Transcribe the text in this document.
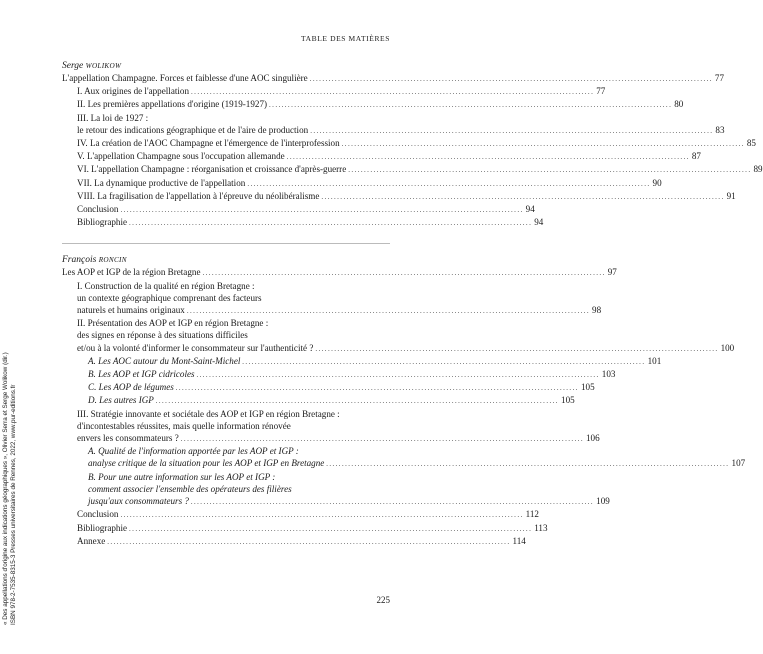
TABLE DES MATIÈRES
« Des appellations d'origine aux indications géographiques », Olivier Serra et Serge Wolikow (dir.) ISBN 978-2-7535-8315-3 Presses universitaires de Rennes, 2022, www.pur-editions.fr
Serge WOLIKOW
L'appellation Champagne. Forces et faiblesse d'une AOC singulière ................................................................................................................................ 77
I. Aux origines de l'appellation ................................................................................................................................ 77
II. Les premières appellations d'origine (1919-1927) ................................................................................................................................ 80
III. La loi de 1927 :
le retour des indications géographique et de l'aire de production ................................................................................................................................ 83
IV. La création de l'AOC Champagne et l'émergence de l'interprofession ................................................................................................................................ 85
V. L'appellation Champagne sous l'occupation allemande ................................................................................................................................ 87
VI. L'appellation Champagne : réorganisation et croissance d'après-guerre ................................................................................................................................ 89
VII. La dynamique productive de l'appellation ................................................................................................................................ 90
VIII. La fragilisation de l'appellation à l'épreuve du néolibéralisme ................................................................................................................................ 91
Conclusion ................................................................................................................................ 94
Bibliographie ................................................................................................................................ 94
François RONCIN
Les AOP et IGP de la région Bretagne ................................................................................................................................ 97
I. Construction de la qualité en région Bretagne :
un contexte géographique comprenant des facteurs
naturels et humains originaux ................................................................................................................................ 98
II. Présentation des AOP et IGP en région Bretagne :
des signes en réponse à des situations difficiles
et/ou à la volonté d'informer le consommateur sur l'authenticité ? ................................................................................................................................ 100
A. Les AOC autour du Mont-Saint-Michel ................................................................................................................................ 101
B. Les AOP et IGP cidricoles ................................................................................................................................ 103
C. Les AOP de légumes ................................................................................................................................ 105
D. Les autres IGP ................................................................................................................................ 105
III. Stratégie innovante et sociétale des AOP et IGP en région Bretagne :
d'incontestables réussites, mais quelle information rénovée
envers les consommateurs ? ................................................................................................................................ 106
A. Qualité de l'information apportée par les AOP et IGP :
analyse critique de la situation pour les AOP et IGP en Bretagne ................................................................................................................................ 107
B. Pour une autre information sur les AOP et IGP :
comment associer l'ensemble des opérateurs des filières
jusqu'aux consommateurs ? ................................................................................................................................ 109
Conclusion ................................................................................................................................ 112
Bibliographie ................................................................................................................................ 113
Annexe ................................................................................................................................ 114
225
